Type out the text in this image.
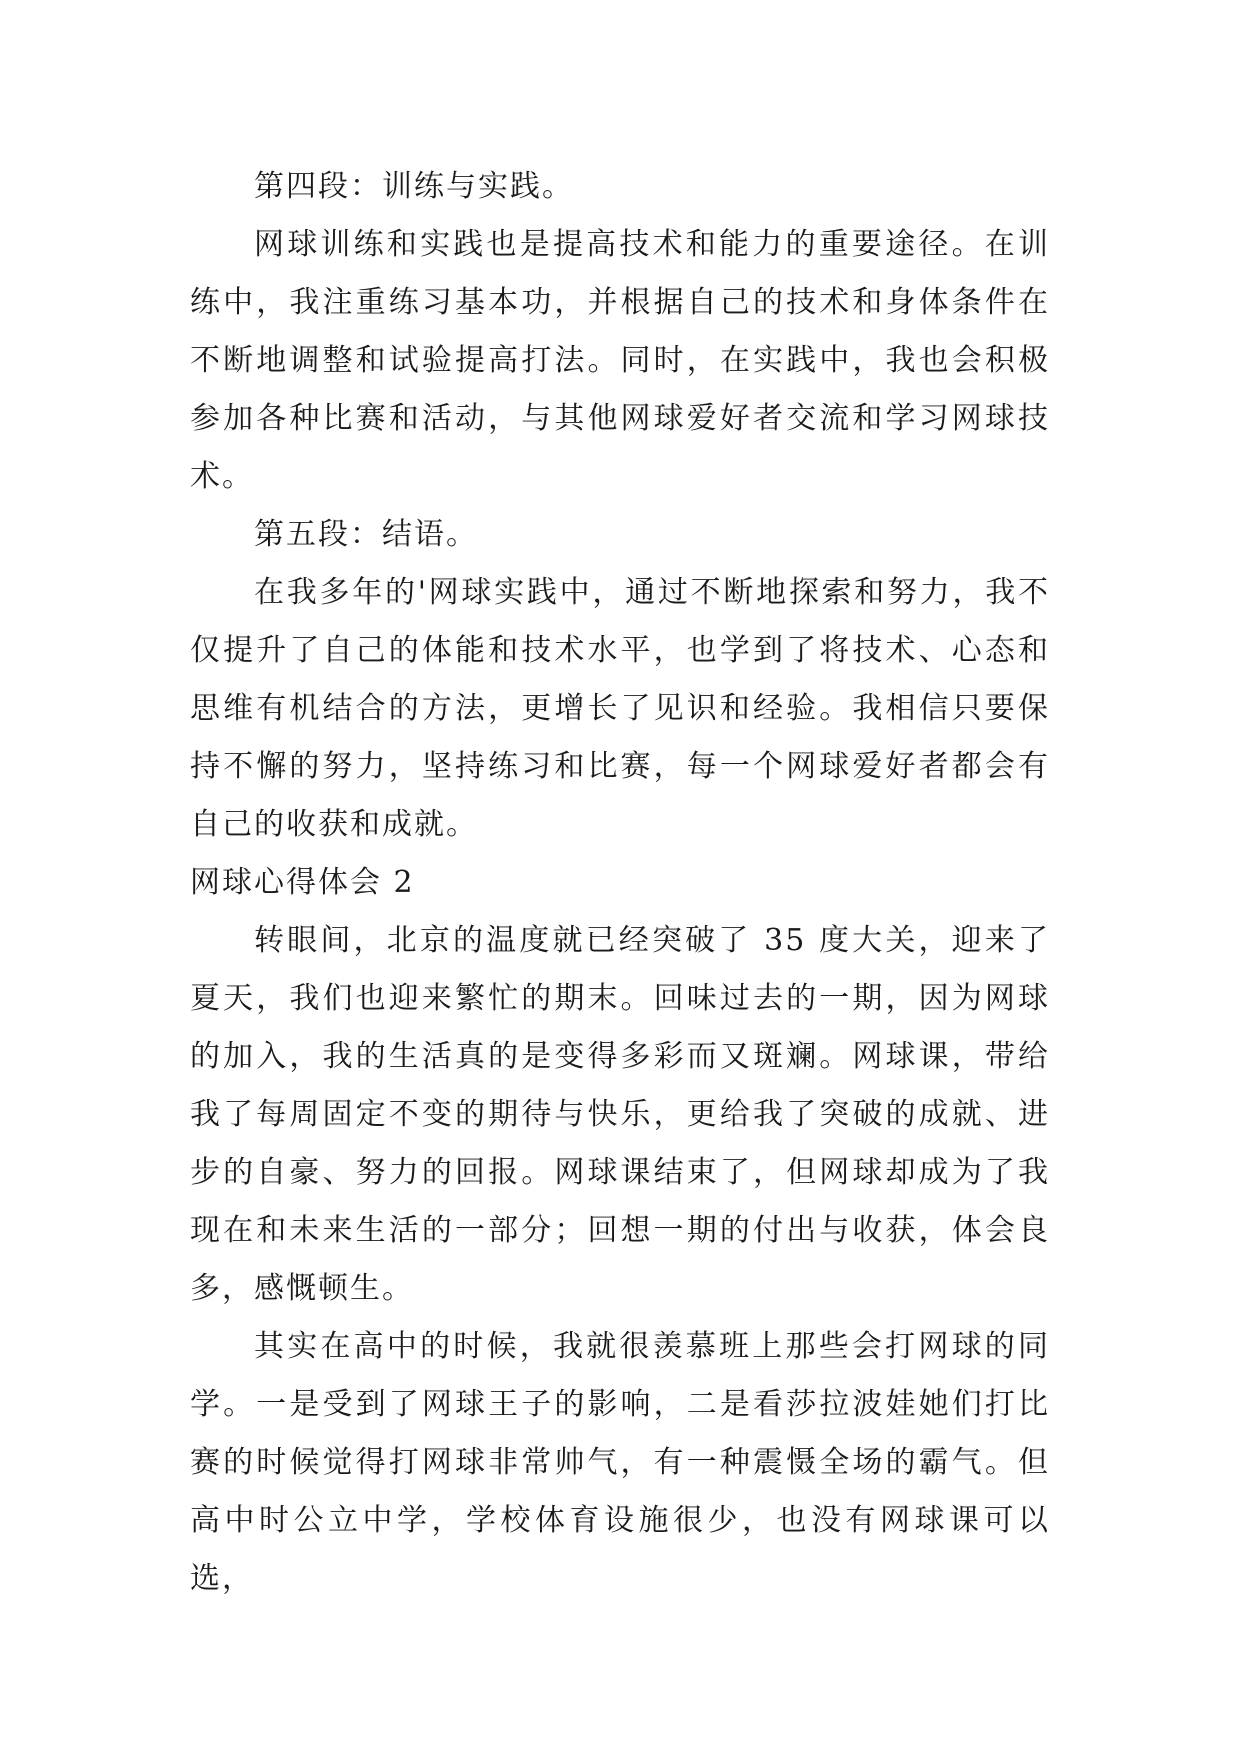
第四段：训练与实践。

网球训练和实践也是提高技术和能力的重要途径。在训练中，我注重练习基本功，并根据自己的技术和身体条件在不断地调整和试验提高打法。同时，在实践中，我也会积极参加各种比赛和活动，与其他网球爱好者交流和学习网球技术。

第五段：结语。

在我多年的'网球实践中，通过不断地探索和努力，我不仅提升了自己的体能和技术水平，也学到了将技术、心态和思维有机结合的方法，更增长了见识和经验。我相信只要保持不懈的努力，坚持练习和比赛，每一个网球爱好者都会有自己的收获和成就。

网球心得体会 2

转眼间，北京的温度就已经突破了 35 度大关，迎来了夏天，我们也迎来繁忙的期末。回味过去的一期，因为网球的加入，我的生活真的是变得多彩而又斑斓。网球课，带给我了每周固定不变的期待与快乐，更给我了突破的成就、进步的自豪、努力的回报。网球课结束了，但网球却成为了我现在和未来生活的一部分；回想一期的付出与收获，体会良多，感慨顿生。

其实在高中的时候，我就很羡慕班上那些会打网球的同学。一是受到了网球王子的影响，二是看莎拉波娃她们打比赛的时候觉得打网球非常帅气，有一种震慑全场的霸气。但高中时公立中学，学校体育设施很少，也没有网球课可以选，
